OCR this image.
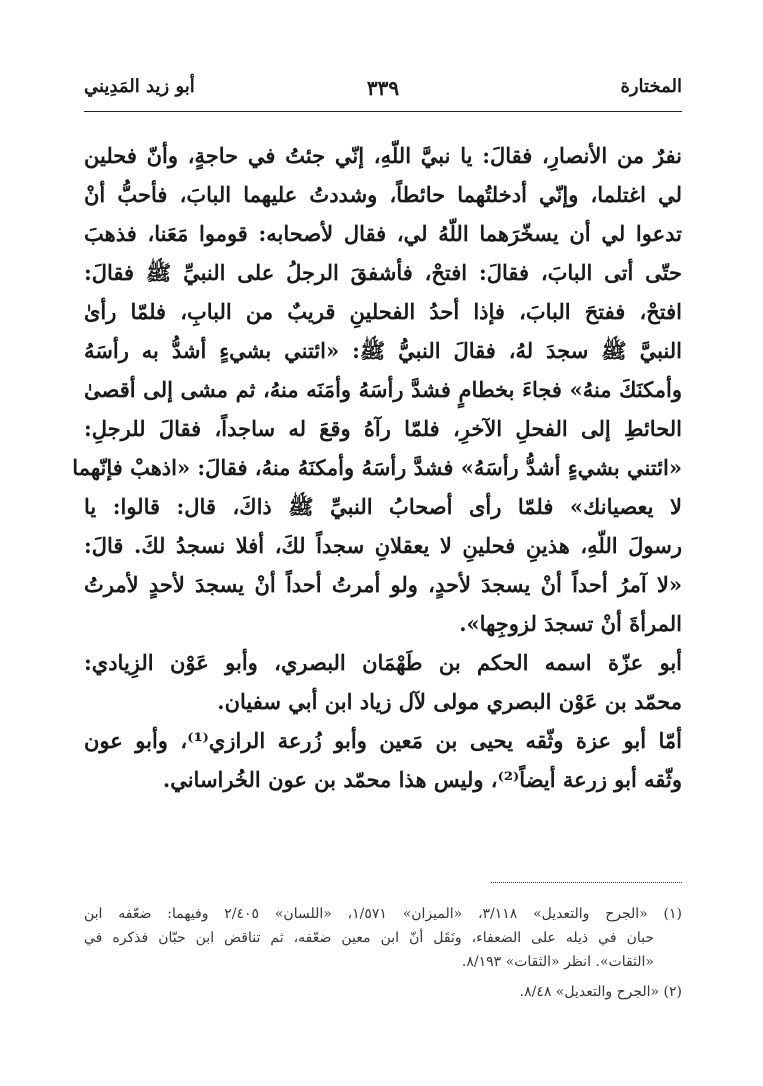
المختارة
٣٣٩
أبو زيد المَدِيني

نفرٌ من الأنصارِ، فقالَ: يا نبيَّ اللّهِ، إنّي جئتُ في حاجةٍ، وأنّ فحلين
لي اغتلما، وإنّي أدخلتُهما حائطاً، وشددتُ عليهما البابَ، فأحبُّ أنْ
تدعوا لي أن يسخّرَهما اللّهُ لي، فقال لأصحابه: قوموا مَعَنا، فذهبَ
حتّى أتى البابَ، فقالَ: افتحْ، فأشفقَ الرجلُ على النبيِّ ﷺ فقالَ:
افتحْ، ففتحَ البابَ، فإذا أحدُ الفحلينِ قريبٌ من البابِ، فلمّا رأىٰ
النبيَّ ﷺ سجدَ لهُ، فقالَ النبيُّ ﷺ: «ائتني بشيءٍ أشدُّ به رأسَهُ
وأمكنَكَ منهُ» فجاءَ بخطامٍ فشدَّ رأسَهُ وأمَنَه منهُ، ثم مشى إلى أقصىٰ
الحائطِ إلى الفحلِ الآخرِ، فلمّا رآهُ وقعَ له ساجداً، فقالَ للرجلِ:
«ائتني بشيءٍ أشدُّ رأسَهُ» فشدَّ رأسَهُ وأمكنَهُ منهُ، فقالَ: «اذهبْ فإنّهما
لا يعصيانك» فلمّا رأى أصحابُ النبيِّ ﷺ ذاكَ، قال: قالوا: يا
رسولَ اللّهِ، هذينِ فحلينِ لا يعقلانِ سجداً لكَ، أفلا نسجدُ لكَ. قالَ:
«لا آمرُ أحداً أنْ يسجدَ لأحدٍ، ولو أمرتُ أحداً أنْ يسجدَ لأحدٍ لأمرتُ
المرأةَ أنْ تسجدَ لزوجِها».

أبو عزّة اسمه الحكم بن طَهْمَان البصري، وأبو عَوْن الزِيادي:
محمّد بن عَوْن البصري مولى لآل زياد ابن أبي سفيان.

أمّا أبو عزة وثّقه يحيى بن مَعين وأبو زُرعة الرازي⁽¹⁾، وأبو عون
وثّقه أبو زرعة أيضاً⁽²⁾، وليس هذا محمّد بن عون الخُراساني.

(١) «الجرح والتعديل» ٣/١١٨، «الميزان» ١/٥٧١، «اللسان» ٢/٤٠٥ وفيهما: ضعّفه ابن
حبان في ذيله على الضعفاء، ونَقَل أنّ ابن معين ضعّفه، ثم تناقض ابن حبّان فذكره في
«الثقات». انظر «الثقات» ٨/١٩٣.
(٢) «الجرح والتعديل» ٨/٤٨.
